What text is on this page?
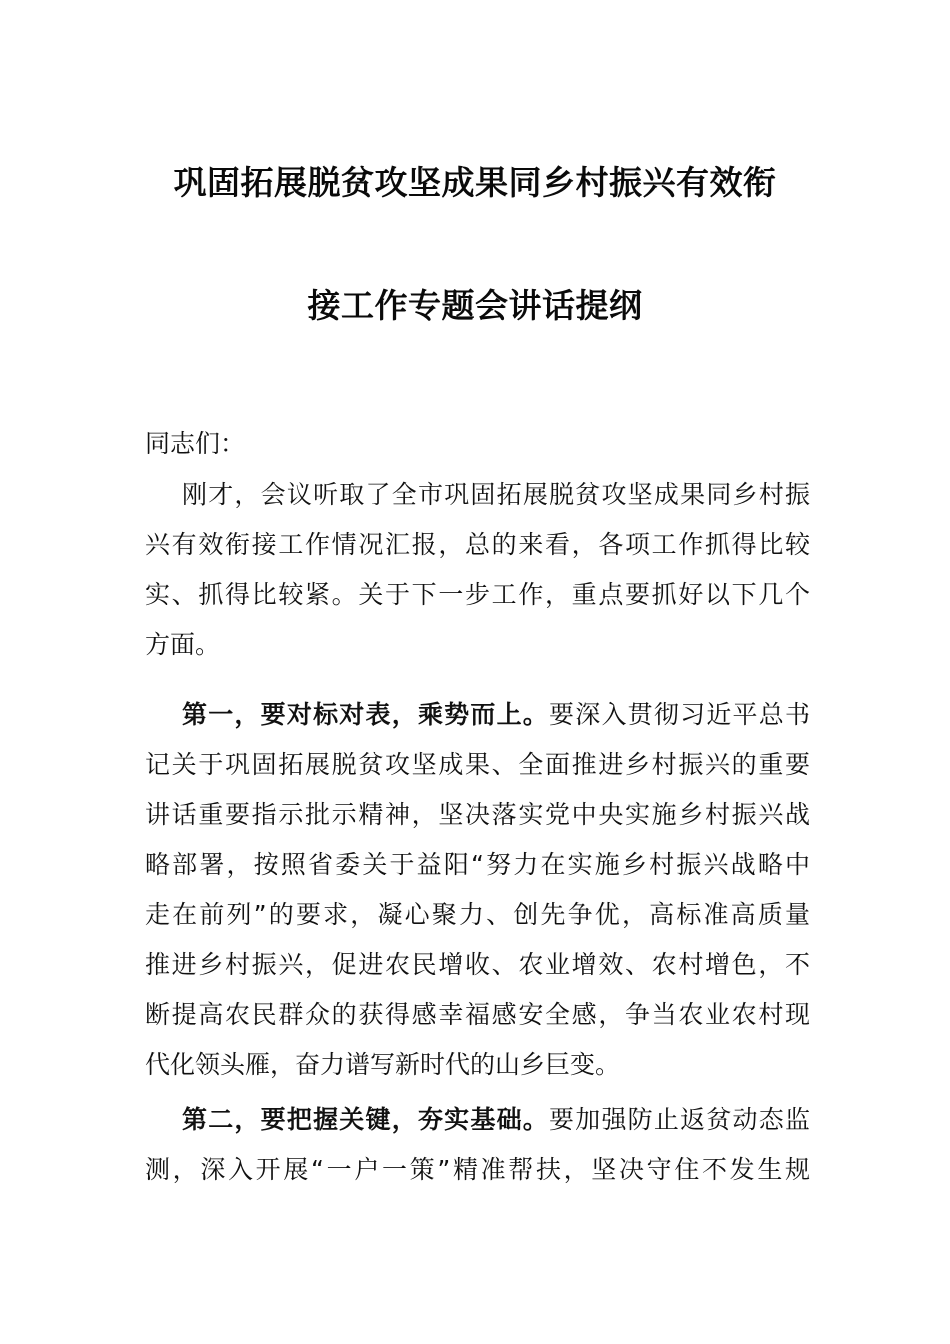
巩固拓展脱贫攻坚成果同乡村振兴有效衔
接工作专题会讲话提纲
同志们：
刚才，会议听取了全市巩固拓展脱贫攻坚成果同乡村振
兴有效衔接工作情况汇报，总的来看，各项工作抓得比较
实、抓得比较紧。关于下一步工作，重点要抓好以下几个
方面。
第一，要对标对表，乘势而上。要深入贯彻习近平总书
记关于巩固拓展脱贫攻坚成果、全面推进乡村振兴的重要
讲话重要指示批示精神，坚决落实党中央实施乡村振兴战
略部署，按照省委关于益阳“努力在实施乡村振兴战略中
走在前列”的要求，凝心聚力、创先争优，高标准高质量
推进乡村振兴，促进农民增收、农业增效、农村增色，不
断提高农民群众的获得感幸福感安全感，争当农业农村现
代化领头雁，奋力谱写新时代的山乡巨变。
第二，要把握关键，夯实基础。要加强防止返贫动态监
测，深入开展“一户一策”精准帮扶，坚决守住不发生规
